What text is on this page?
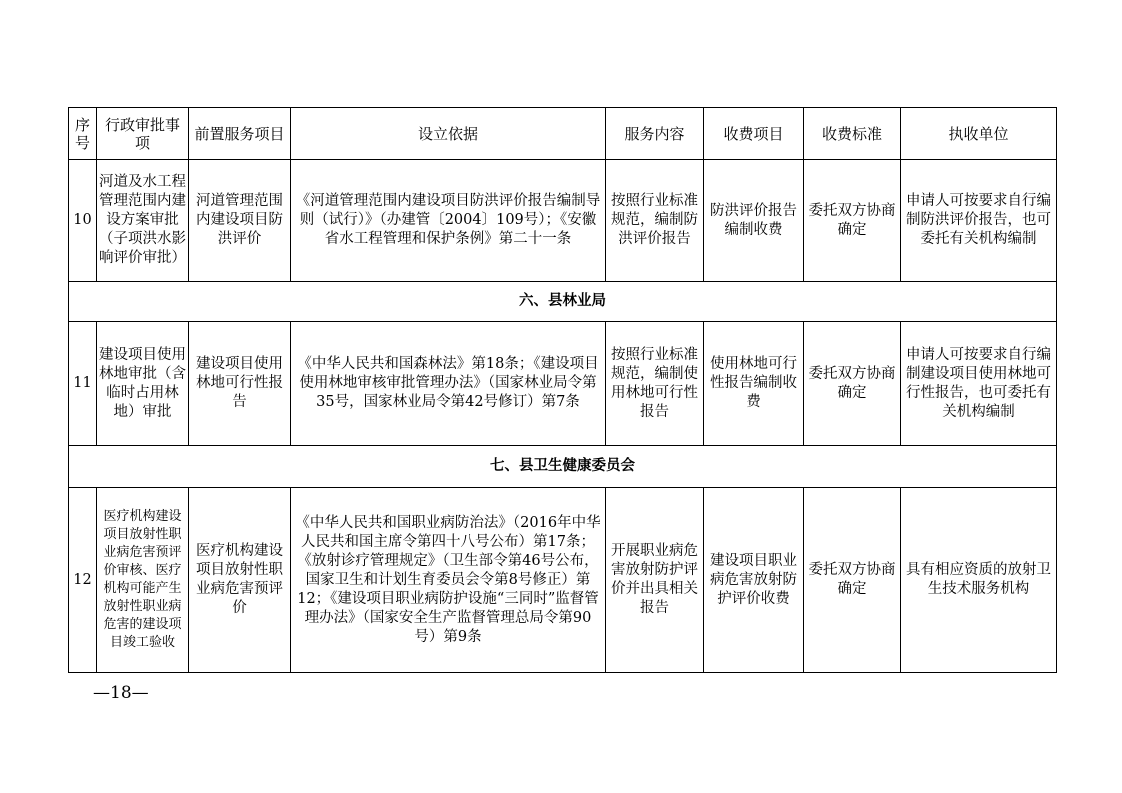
序号	行政审批事项	前置服务项目	设立依据	服务内容	收费项目	收费标准	执收单位
10	河道及水工程管理范围内建设方案审批（子项洪水影响评价审批）	河道管理范围内建设项目防洪评价	《河道管理范围内建设项目防洪评价报告编制导则（试行）》（办建管〔2004〕109号）；《安徽省水工程管理和保护条例》第二十一条	按照行业标准规范，编制防洪评价报告	防洪评价报告编制收费	委托双方协商确定	申请人可按要求自行编制防洪评价报告，也可委托有关机构编制
六、县林业局							
11	建设项目使用林地审批（含临时占用林地）审批	建设项目使用林地可行性报告	《中华人民共和国森林法》第18条；《建设项目使用林地审核审批管理办法》（国家林业局令第35号，国家林业局令第42号修订）第7条	按照行业标准规范，编制使用林地可行性报告	使用林地可行性报告编制收费	委托双方协商确定	申请人可按要求自行编制建设项目使用林地可行性报告，也可委托有关机构编制
七、县卫生健康委员会							
12	医疗机构建设项目放射性职业病危害预评价审核、医疗机构可能产生放射性职业病危害的建设项目竣工验收	医疗机构建设项目放射性职业病危害预评价	《中华人民共和国职业病防治法》（2016年中华人民共和国主席令第四十八号公布）第17条；《放射诊疗管理规定》（卫生部令第46号公布，国家卫生和计划生育委员会令第8号修正）第12；《建设项目职业病防护设施“三同时”监督管理办法》（国家安全生产监督管理总局令第90号）第9条	开展职业病危害放射防护评价并出具相关报告	建设项目职业病危害放射防护评价收费	委托双方协商确定	具有相应资质的放射卫生技术服务机构
—18—
